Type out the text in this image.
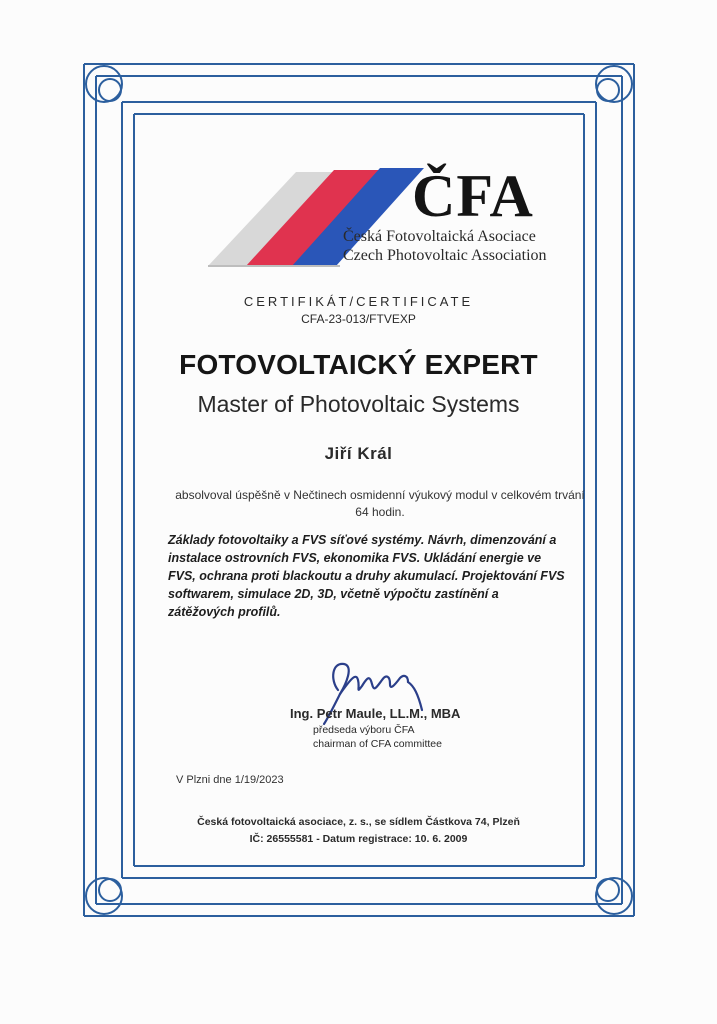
ČFA
Česká Fotovoltaická Asociace
Czech Photovoltaic Association
CERTIFIKÁT/CERTIFICATE
CFA-23-013/FTVEXP
FOTOVOLTAICKÝ EXPERT
Master of Photovoltaic Systems
Jiří Král
absolvoval úspěšně v Nečtinech osmidenní výukový modul v celkovém trvání 64 hodin.
Základy fotovoltaiky a FVS síťové systémy. Návrh, dimenzování a instalace ostrovních FVS, ekonomika FVS. Ukládání energie ve FVS, ochrana proti blackoutu a druhy akumulací. Projektování FVS softwarem, simulace 2D, 3D, včetně výpočtu zastínění a zátěžových profilů.
Ing. Petr Maule, LL.M., MBA
předseda výboru ČFA
chairman of CFA committee
V Plzni dne 1/19/2023
Česká fotovoltaická asociace, z. s., se sídlem Částkova 74, Plzeň
IČ: 26555581 - Datum registrace: 10. 6. 2009
